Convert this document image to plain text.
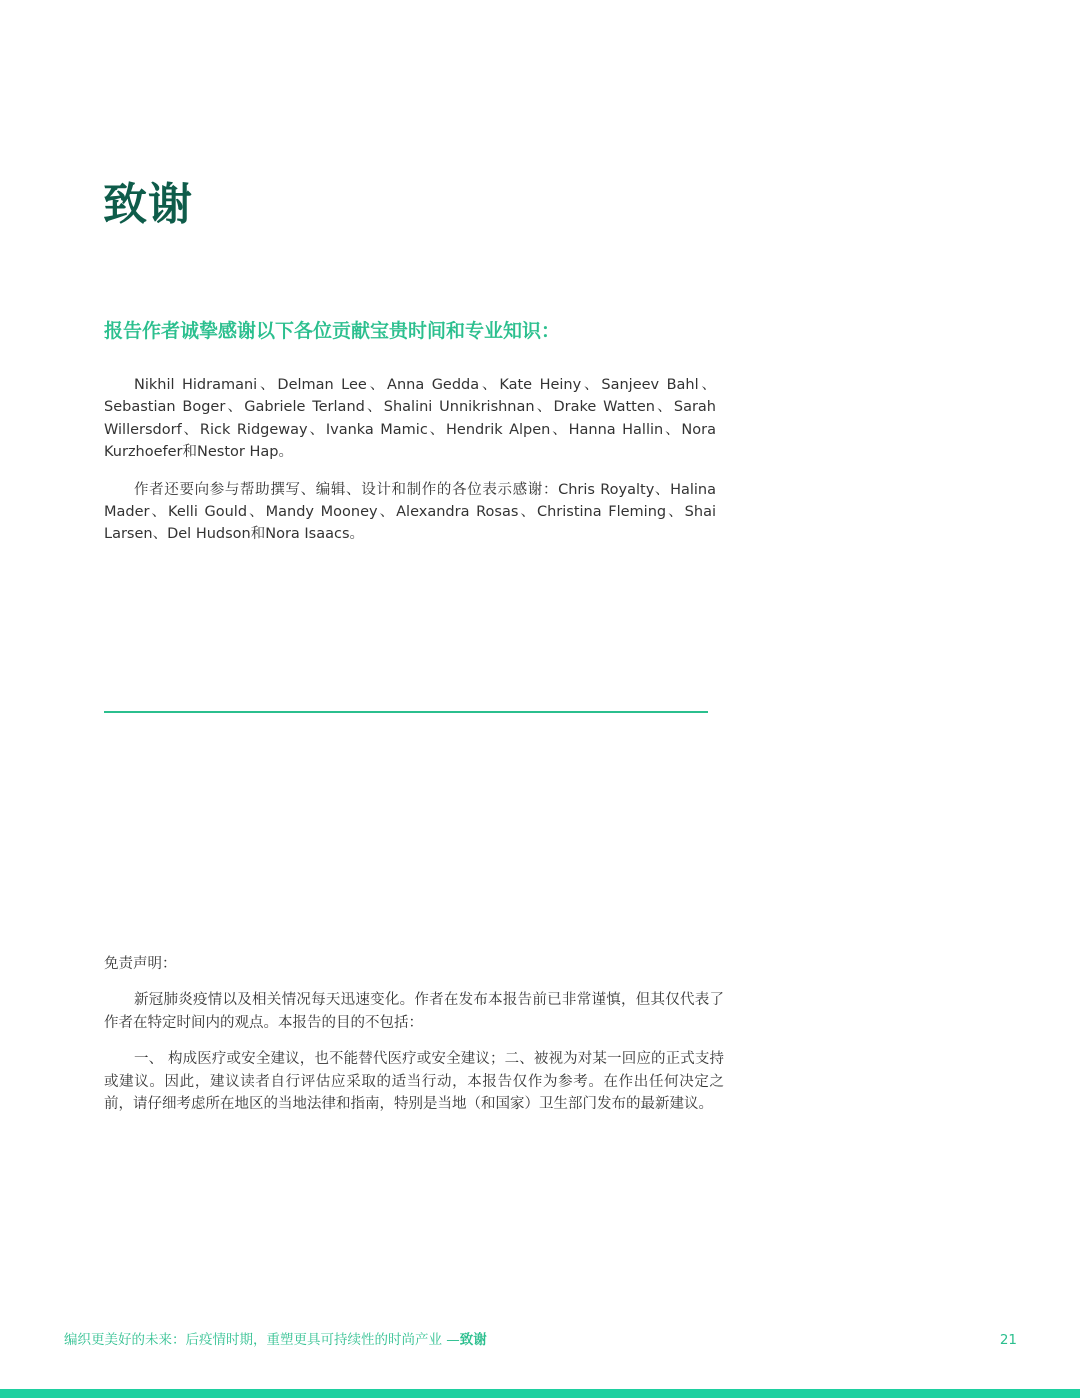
致谢
报告作者诚挚感谢以下各位贡献宝贵时间和专业知识：

Nikhil Hidramani、Delman Lee、Anna Gedda、Kate Heiny、Sanjeev Bahl、Sebastian Boger、Gabriele Terland、Shalini Unnikrishnan、Drake Watten、Sarah Willersdorf、Rick Ridgeway、Ivanka Mamic、Hendrik Alpen、Hanna Hallin、Nora Kurzhoefer和Nestor Hap。

作者还要向参与帮助撰写、编辑、设计和制作的各位表示感谢：Chris Royalty、Halina Mader、Kelli Gould、Mandy Mooney、Alexandra Rosas、Christina Fleming、Shai Larsen、Del Hudson和Nora Isaacs。

免责声明：

新冠肺炎疫情以及相关情况每天迅速变化。作者在发布本报告前已非常谨慎，但其仅代表了作者在特定时间内的观点。本报告的目的不包括：

一、 构成医疗或安全建议，也不能替代医疗或安全建议；二、被视为对某一回应的正式支持或建议。因此，建议读者自行评估应采取的适当行动，本报告仅作为参考。在作出任何决定之前，请仔细考虑所在地区的当地法律和指南，特别是当地（和国家）卫生部门发布的最新建议。

编织更美好的未来：后疫情时期，重塑更具可持续性的时尚产业 —致谢	21
